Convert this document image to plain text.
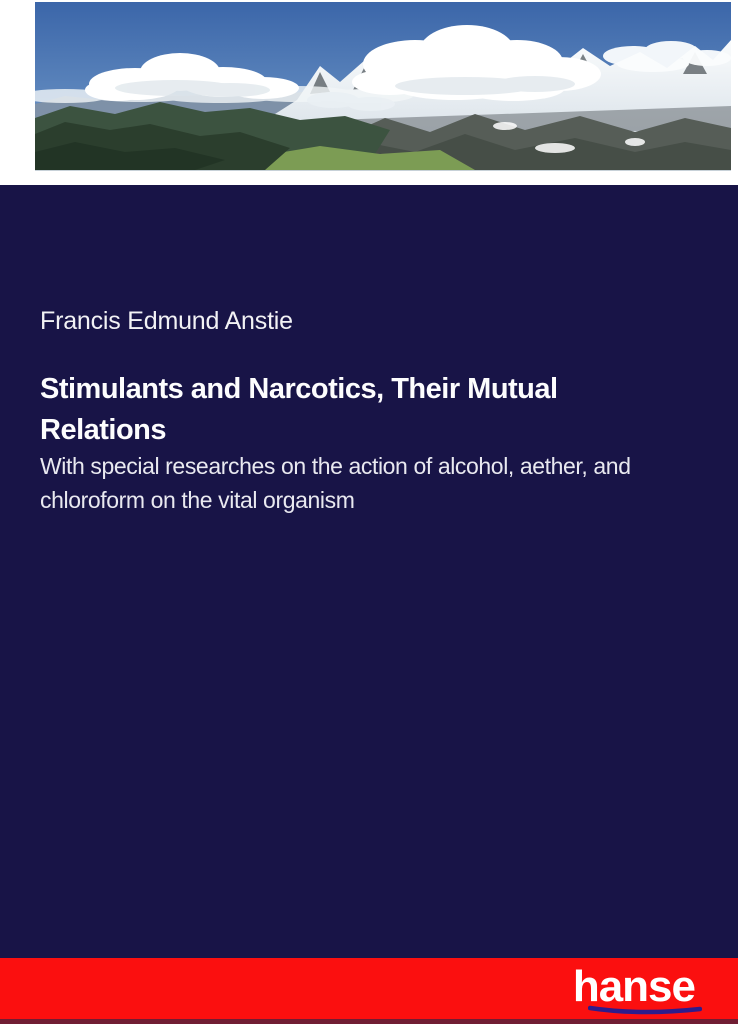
Francis Edmund Anstie
Stimulants and Narcotics, Their Mutual Relations

With special researches on the action of alcohol, aether, and chloroform on the vital organism

hanse
